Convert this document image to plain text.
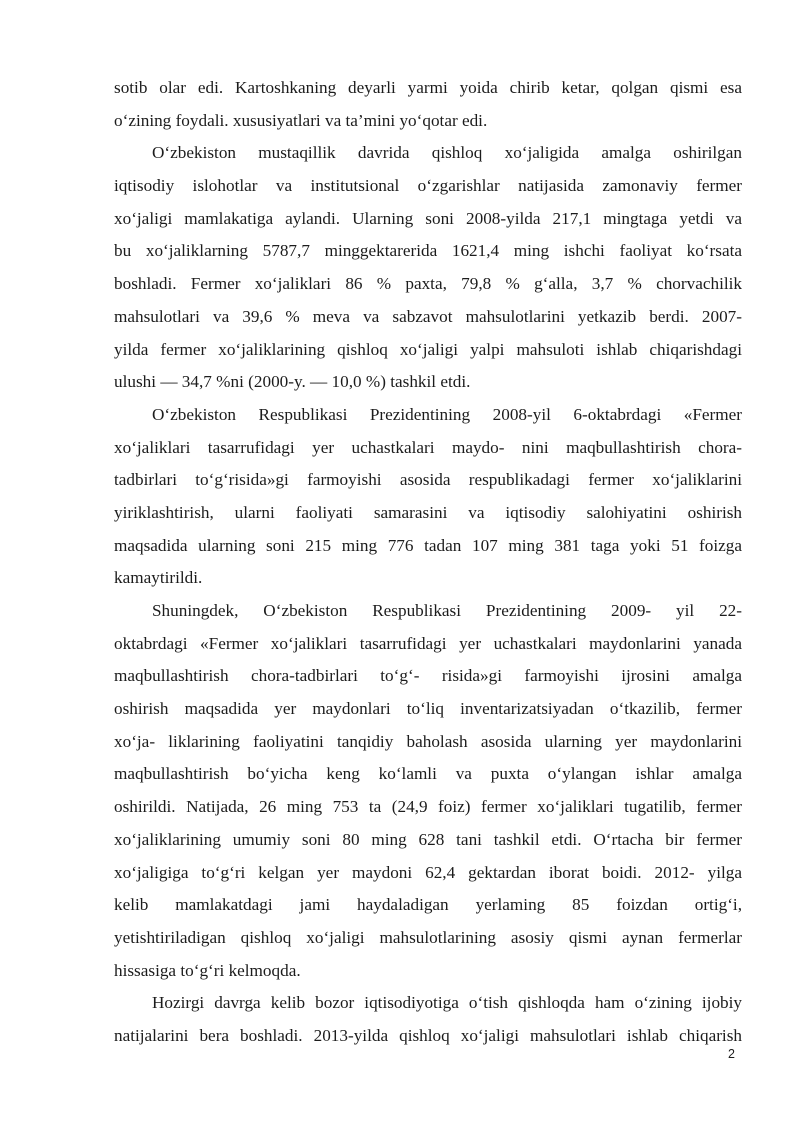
sotib olar edi. Kartoshkaning deyarli yarmi yoida chirib ketar, qolgan qismi esa
o‘zining foydali. xususiyatlari va ta’mini yo‘qotar edi.
O‘zbekiston mustaqillik davrida qishloq xo‘jaligida amalga oshirilgan
iqtisodiy islohotlar va institutsional o‘zgarishlar natijasida zamonaviy fermer
xo‘jaligi mamlakatiga aylandi. Ularning soni 2008-yilda 217,1 mingtaga yetdi va
bu xo‘jaliklarning 5787,7 minggektarerida 1621,4 ming ishchi faoliyat ko‘rsata
boshladi. Fermer xo‘jaliklari 86 % paxta, 79,8 % g‘alla, 3,7 % chorvachilik
mahsulotlari va 39,6 % meva va sabzavot mahsulotlarini yetkazib berdi. 2007-
yilda fermer xo‘jaliklarining qishloq xo‘jaligi yalpi mahsuloti ishlab chiqarishdagi
ulushi — 34,7 %ni (2000-y. — 10,0 %) tashkil etdi.
O‘zbekiston Respublikasi Prezidentining 2008-yil 6-oktabrdagi «Fermer
xo‘jaliklari tasarrufidagi yer uchastkalari maydo- nini maqbullashtirish chora-
tadbirlari to‘g‘risida»gi farmoyishi asosida respublikadagi fermer xo‘jaliklarini
yiriklashtirish, ularni faoliyati samarasini va iqtisodiy salohiyatini oshirish
maqsadida ularning soni 215 ming 776 tadan 107 ming 381 taga yoki 51 foizga
kamaytirildi.
Shuningdek, O‘zbekiston Respublikasi Prezidentining 2009- yil 22-
oktabrdagi «Fermer xo‘jaliklari tasarrufidagi yer uchastkalari maydonlarini yanada
maqbullashtirish chora-tadbirlari to‘g‘- risida»gi farmoyishi ijrosini amalga
oshirish maqsadida yer maydonlari to‘liq inventarizatsiyadan o‘tkazilib, fermer
xo‘ja- liklarining faoliyatini tanqidiy baholash asosida ularning yer maydonlarini
maqbullashtirish bo‘yicha keng ko‘lamli va puxta o‘ylangan ishlar amalga
oshirildi. Natijada, 26 ming 753 ta (24,9 foiz) fermer xo‘jaliklari tugatilib, fermer
xo‘jaliklarining umumiy soni 80 ming 628 tani tashkil etdi. O‘rtacha bir fermer
xo‘jaligiga to‘g‘ri kelgan yer maydoni 62,4 gektardan iborat boidi. 2012- yilga
kelib mamlakatdagi jami haydaladigan yerlaming 85 foizdan ortig‘i,
yetishtiriladigan qishloq xo‘jaligi mahsulotlarining asosiy qismi aynan fermerlar
hissasiga to‘g‘ri kelmoqda.
Hozirgi davrga kelib bozor iqtisodiyotiga o‘tish qishloqda ham o‘zining ijobiy
natijalarini bera boshladi. 2013-yilda qishloq xo‘jaligi mahsulotlari ishlab chiqarish
2
